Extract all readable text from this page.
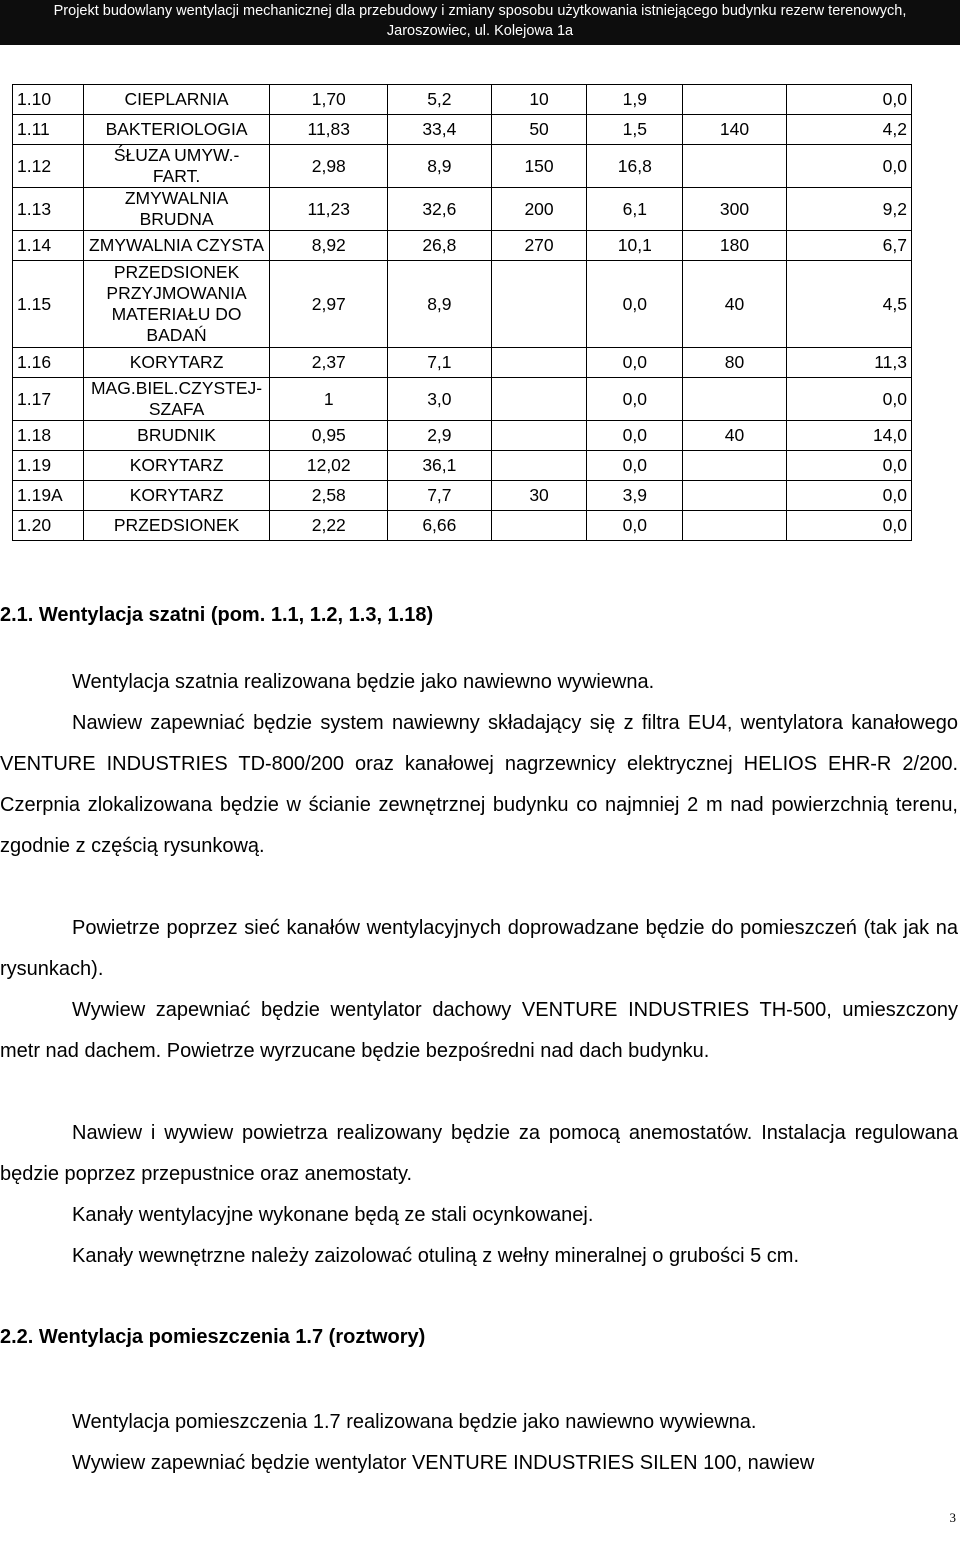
Projekt budowlany wentylacji mechanicznej dla przebudowy i zmiany sposobu użytkowania istniejącego budynku rezerw terenowych,
Jaroszowiec, ul. Kolejowa 1a
1.10	CIEPLARNIA	1,70	5,2	10	1,9		0,0
1.11	BAKTERIOLOGIA	11,83	33,4	50	1,5	140	4,2
1.12	ŚŁUZA UMYW.-
FART.	2,98	8,9	150	16,8		0,0
1.13	ZMYWALNIA
BRUDNA	11,23	32,6	200	6,1	300	9,2
1.14	ZMYWALNIA CZYSTA	8,92	26,8	270	10,1	180	6,7
1.15	PRZEDSIONEK
PRZYJMOWANIA
MATERIAŁU DO
BADAŃ	2,97	8,9		0,0	40	4,5
1.16	KORYTARZ	2,37	7,1		0,0	80	11,3
1.17	MAG.BIEL.CZYSTEJ-
SZAFA	1	3,0		0,0		0,0
1.18	BRUDNIK	0,95	2,9		0,0	40	14,0
1.19	KORYTARZ	12,02	36,1		0,0		0,0
1.19A	KORYTARZ	2,58	7,7	30	3,9		0,0
1.20	PRZEDSIONEK	2,22	6,66		0,0		0,0
2.1. Wentylacja szatni (pom. 1.1, 1.2, 1.3, 1.18)

Wentylacja szatnia realizowana będzie jako nawiewno wywiewna.

Nawiew zapewniać będzie system nawiewny składający się z filtra EU4, wentylatora kanałowego VENTURE INDUSTRIES TD-800/200 oraz kanałowej nagrzewnicy elektrycznej HELIOS EHR-R 2/200. Czerpnia zlokalizowana będzie w ścianie zewnętrznej budynku co najmniej 2 m nad powierzchnią terenu, zgodnie z częścią rysunkową.

Powietrze poprzez sieć kanałów wentylacyjnych doprowadzane będzie do pomieszczeń (tak jak na rysunkach).

Wywiew zapewniać będzie wentylator dachowy VENTURE INDUSTRIES TH-500, umieszczony metr nad dachem. Powietrze wyrzucane będzie bezpośredni nad dach budynku.

Nawiew i wywiew powietrza realizowany będzie za pomocą anemostatów. Instalacja regulowana będzie poprzez przepustnice oraz anemostaty.

Kanały wentylacyjne wykonane będą ze stali ocynkowanej.

Kanały wewnętrzne należy zaizolować otuliną z wełny mineralnej o grubości 5 cm.

2.2. Wentylacja pomieszczenia 1.7 (roztwory)

Wentylacja pomieszczenia 1.7 realizowana będzie jako nawiewno wywiewna.

Wywiew zapewniać będzie wentylator VENTURE INDUSTRIES SILEN 100, nawiew

3
